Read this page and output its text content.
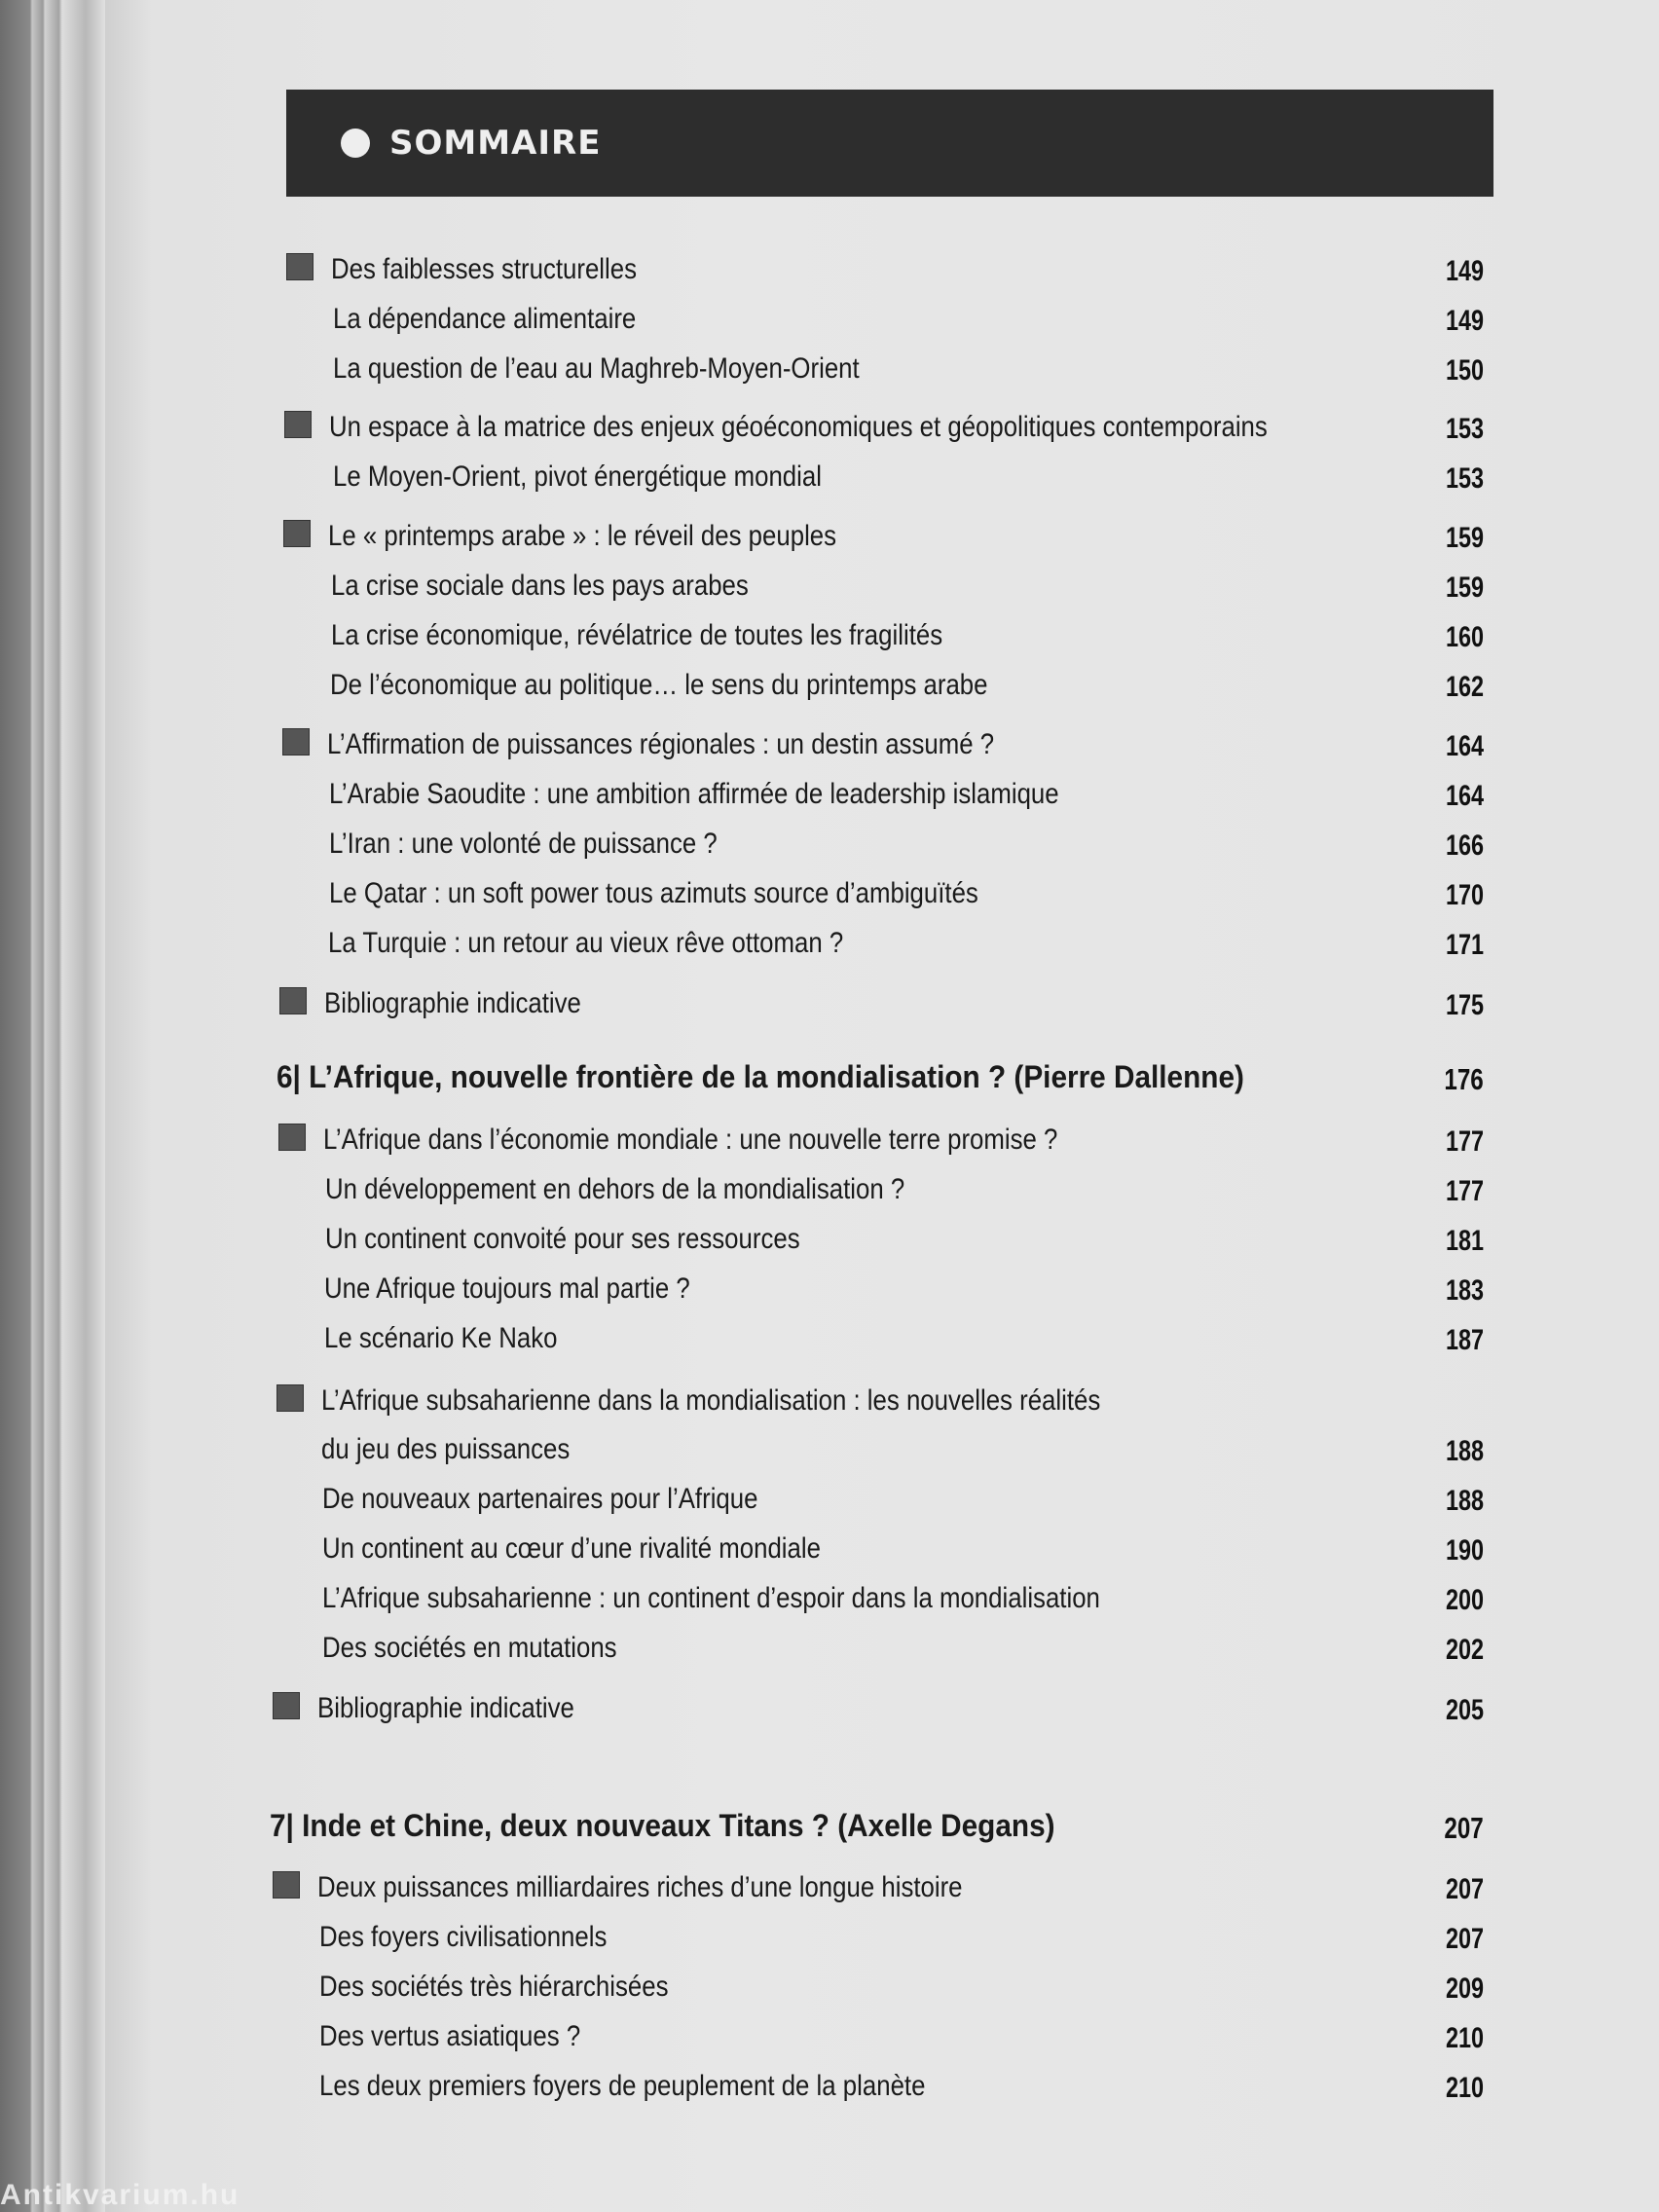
SOMMAIRE
Des faiblesses structurelles	149
La dépendance alimentaire	149
La question de l’eau au Maghreb-Moyen-Orient	150
Un espace à la matrice des enjeux géoéconomiques et géopolitiques contemporains	153
Le Moyen-Orient, pivot énergétique mondial	153
Le « printemps arabe » : le réveil des peuples	159
La crise sociale dans les pays arabes	159
La crise économique, révélatrice de toutes les fragilités	160
De l’économique au politique… le sens du printemps arabe	162
L’Affirmation de puissances régionales : un destin assumé ?	164
L’Arabie Saoudite : une ambition affirmée de leadership islamique	164
L’Iran : une volonté de puissance ?	166
Le Qatar : un soft power tous azimuts source d’ambiguïtés	170
La Turquie : un retour au vieux rêve ottoman ?	171
Bibliographie indicative	175
6| L’Afrique, nouvelle frontière de la mondialisation ? (Pierre Dallenne)	176
L’Afrique dans l’économie mondiale : une nouvelle terre promise ?	177
Un développement en dehors de la mondialisation ?	177
Un continent convoité pour ses ressources	181
Une Afrique toujours mal partie ?	183
Le scénario Ke Nako	187
L’Afrique subsaharienne dans la mondialisation : les nouvelles réalités
du jeu des puissances	188
De nouveaux partenaires pour l’Afrique	188
Un continent au cœur d’une rivalité mondiale	190
L’Afrique subsaharienne : un continent d’espoir dans la mondialisation	200
Des sociétés en mutations	202
Bibliographie indicative	205
7| Inde et Chine, deux nouveaux Titans ? (Axelle Degans)	207
Deux puissances milliardaires riches d’une longue histoire	207
Des foyers civilisationnels	207
Des sociétés très hiérarchisées	209
Des vertus asiatiques ?	210
Les deux premiers foyers de peuplement de la planète	210
Antikvarium.hu
